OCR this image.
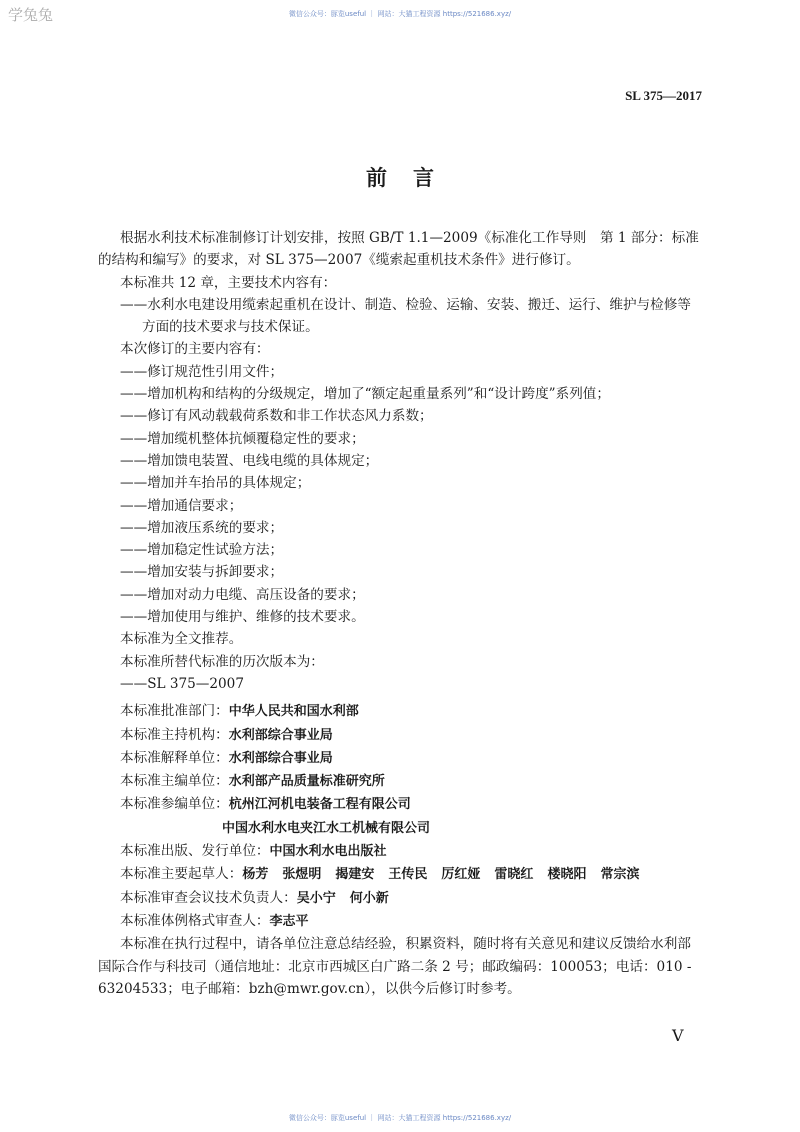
学兔兔	微信公众号：豚览useful ｜ 网站：大猫工程资源 https://521686.xyz/
SL 375—2017
前言
根据水利技术标准制修订计划安排，按照 GB/T 1.1—2009《标准化工作导则　第 1 部分：标准
的结构和编写》的要求，对 SL 375—2007《缆索起重机技术条件》进行修订。
本标准共 12 章，主要技术内容有：
——水利水电建设用缆索起重机在设计、制造、检验、运输、安装、搬迁、运行、维护与检修等
方面的技术要求与技术保证。
本次修订的主要内容有：
——修订规范性引用文件；
——增加机构和结构的分级规定，增加了“额定起重量系列”和“设计跨度”系列值；
——修订有风动载载荷系数和非工作状态风力系数；
——增加缆机整体抗倾覆稳定性的要求；
——增加馈电装置、电线电缆的具体规定；
——增加并车抬吊的具体规定；
——增加通信要求；
——增加液压系统的要求；
——增加稳定性试验方法；
——增加安装与拆卸要求；
——增加对动力电缆、高压设备的要求；
——增加使用与维护、维修的技术要求。
本标准为全文推荐。
本标准所替代标准的历次版本为：
——SL 375—2007
本标准批准部门：中华人民共和国水利部
本标准主持机构：水利部综合事业局
本标准解释单位：水利部综合事业局
本标准主编单位：水利部产品质量标准研究所
本标准参编单位：杭州江河机电装备工程有限公司
中国水利水电夹江水工机械有限公司
本标准出版、发行单位：中国水利水电出版社
本标准主要起草人：杨芳 张煜明 揭建安 王传民 厉红娅 雷晓红 楼晓阳 常宗滨
本标准审查会议技术负责人：吴小宁 何小新
本标准体例格式审查人：李志平
本标准在执行过程中，请各单位注意总结经验，积累资料，随时将有关意见和建议反馈给水利部
国际合作与科技司（通信地址：北京市西城区白广路二条 2 号；邮政编码：100053；电话：010 -
63204533；电子邮箱：bzh@mwr.gov.cn），以供今后修订时参考。
V
微信公众号：豚览useful ｜ 网站：大猫工程资源 https://521686.xyz/
